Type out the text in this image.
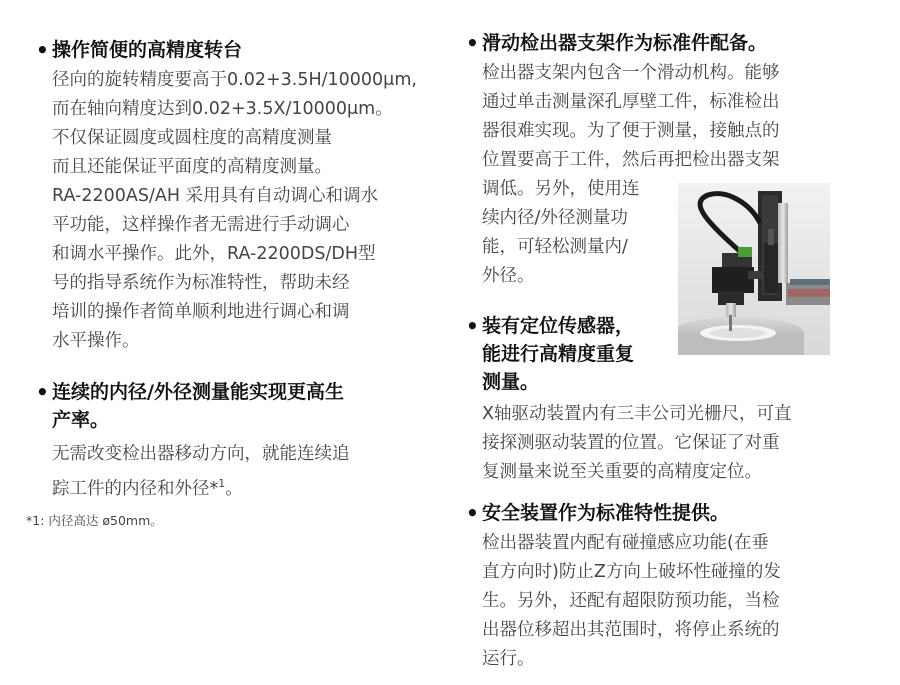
• 操作简便的高精度转台

径向的旋转精度要高于0.02+3.5H/10000μm,
而在轴向精度达到0.02+3.5X/10000μm。
不仅保证圆度或圆柱度的高精度测量
而且还能保证平面度的高精度测量。
RA-2200AS/AH 采用具有自动调心和调水
平功能，这样操作者无需进行手动调心
和调水平操作。此外，RA-2200DS/DH型
号的指导系统作为标准特性，帮助未经
培训的操作者简单顺利地进行调心和调
水平操作。

• 连续的内径/外径测量能实现更高生
产率。

无需改变检出器移动方向，就能连续追
踪工件的内径和外径*$^1$。

*1: 内径高达 ø50mm。

• 滑动检出器支架作为标准件配备。

检出器支架内包含一个滑动机构。能够
通过单击测量深孔厚壁工件，标准检出
器很难实现。为了便于测量，接触点的
位置要高于工件，然后再把检出器支架
调低。另外，使用连
续内径/外径测量功
能，可轻松测量内/
外径。

• 装有定位传感器，
能进行高精度重复
测量。

X轴驱动装置内有三丰公司光栅尺，可直
接探测驱动装置的位置。它保证了对重
复测量来说至关重要的高精度定位。

• 安全装置作为标准特性提供。

检出器装置内配有碰撞感应功能(在垂
直方向时)防止Z方向上破坏性碰撞的发
生。另外，还配有超限防预功能，当检
出器位移超出其范围时，将停止系统的
运行。
